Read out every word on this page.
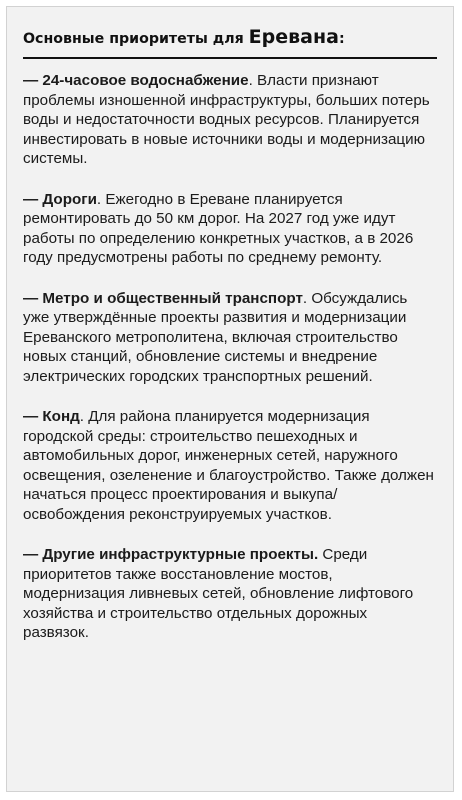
Основные приоритеты для Еревана:

— 24-часовое водоснабжение. Власти признают проблемы изношенной инфраструктуры, больших потерь воды и недостаточности водных ресурсов. Планируется инвестировать в новые источники воды и модернизацию системы.

— Дороги. Ежегодно в Ереване планируется ремонтировать до 50 км дорог. На 2027 год уже идут работы по определению конкретных участков, а в 2026 году предусмотрены работы по среднему ремонту.

— Метро и общественный транспорт. Обсуждались уже утверждённые проекты развития и модернизации Ереванского метрополитена, включая строительство новых станций, обновление системы и внедрение электрических городских транспортных решений.

— Конд. Для района планируется модернизация городской среды: строительство пешеходных и автомобильных дорог, инженерных сетей, наружного освещения, озеленение и благоустройство. Также должен начаться процесс проектирования и выкупа/освобождения реконструируемых участков.

— Другие инфраструктурные проекты. Среди приоритетов также восстановление мостов, модернизация ливневых сетей, обновление лифтового хозяйства и строительство отдельных дорожных развязок.
